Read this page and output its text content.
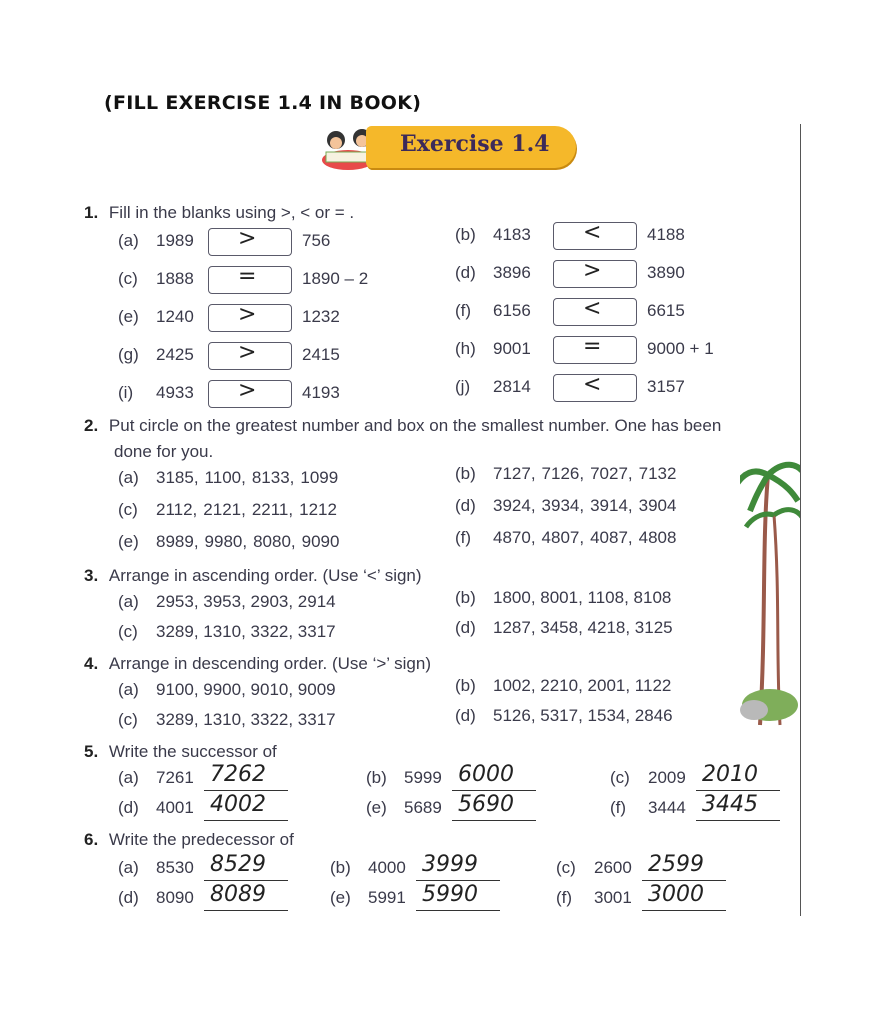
(FILL EXERCISE 1.4 IN BOOK)
Exercise 1.4
1. Fill in the blanks using >, < or = .
2. Put circle on the greatest number and box on the smallest number. One has been
done for you.
3. Arrange in ascending order. (Use ‘<’ sign)
4. Arrange in descending order. (Use ‘>’ sign)
5. Write the successor of
6. Write the predecessor of
(a) 1989 >	756	(b) 4183 <	4188
(c) 1888 =	1890 – 2	(d) 3896 >	3890
(e) 1240 >	1232	(f) 6156 <	6615
(g) 2425 >	2415	(h) 9001 =	9000 + 1
(i) 4933 >	4193	(j) 2814 <	3157
(a) 3185, 1100, 8133, 1099	(b) 7127, 7126, 7027, 7132
(c) 2112, 2121, 2211, 1212	(d) 3924, 3934, 3914, 3904
(e) 8989, 9980, 8080, 9090	(f) 4870, 4807, 4087, 4808
(a) 2953, 3953, 2903, 2914	(b) 1800, 8001, 1108, 8108
(c) 3289, 1310, 3322, 3317	(d) 1287, 3458, 4218, 3125
(a) 9100, 9900, 9010, 9009	(b) 1002, 2210, 2001, 1122
(c) 3289, 1310, 3322, 3317	(d) 5126, 5317, 1534, 2846
(a) 7261 7262	(b) 5999 6000	(c) 2009 2010
(d) 4001 4002	(e) 5689 5690	(f) 3444 3445
(a) 8530 8529	(b) 4000 3999	(c) 2600 2599
(d) 8090 8089	(e) 5991 5990	(f) 3001 3000
